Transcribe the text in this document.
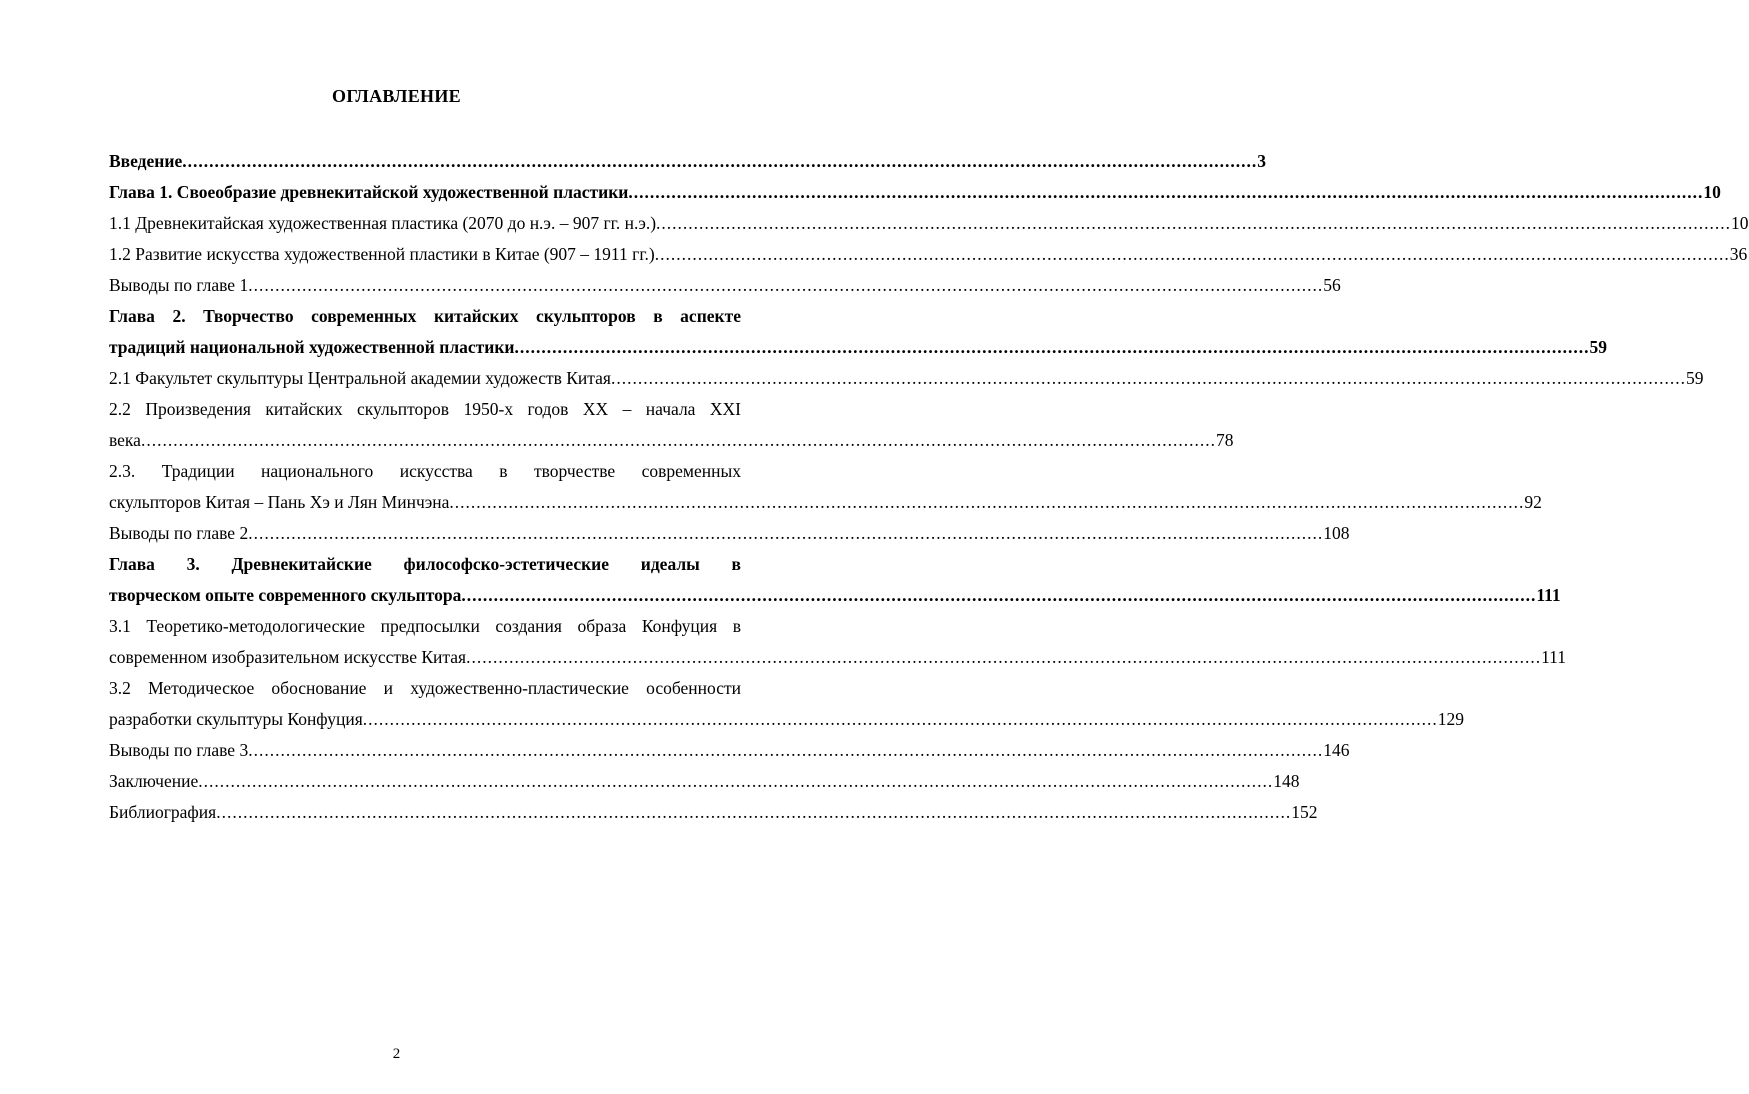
ОГЛАВЛЕНИЕ
Введение ........................................................................................................................................................................................................ 3
Глава 1. Своеобразие древнекитайской художественной пластики ........................................................................................................................................................................................................ 10
1.1 Древнекитайская художественная пластика (2070 до н.э. – 907 гг. н.э.) ........................................................................................................................................................................................................ 10
1.2 Развитие искусства художественной пластики в Китае (907 – 1911 гг.) ........................................................................................................................................................................................................ 36
Выводы по главе 1 ........................................................................................................................................................................................................ 56
Глава 2. Творчество современных китайских скульпторов в аспекте
традиций национальной художественной пластики ........................................................................................................................................................................................................ 59
2.1 Факультет скульптуры Центральной академии художеств Китая ........................................................................................................................................................................................................ 59
2.2 Произведения китайских скульпторов 1950-х годов XX – начала XXI
века ........................................................................................................................................................................................................ 78
2.3. Традиции национального искусства в творчестве современных
скульпторов Китая – Пань Хэ и Лян Минчэна ........................................................................................................................................................................................................ 92
Выводы по главе 2 ........................................................................................................................................................................................................ 108
Глава 3. Древнекитайские философско-эстетические идеалы в
творческом опыте современного скульптора ........................................................................................................................................................................................................ 111
3.1 Теоретико-методологические предпосылки создания образа Конфуция в
современном изобразительном искусстве Китая ........................................................................................................................................................................................................ 111
3.2 Методическое обоснование и художественно-пластические особенности
разработки скульптуры Конфуция ........................................................................................................................................................................................................ 129
Выводы по главе 3 ........................................................................................................................................................................................................ 146
Заключение ........................................................................................................................................................................................................ 148
Библиография ........................................................................................................................................................................................................ 152
2
